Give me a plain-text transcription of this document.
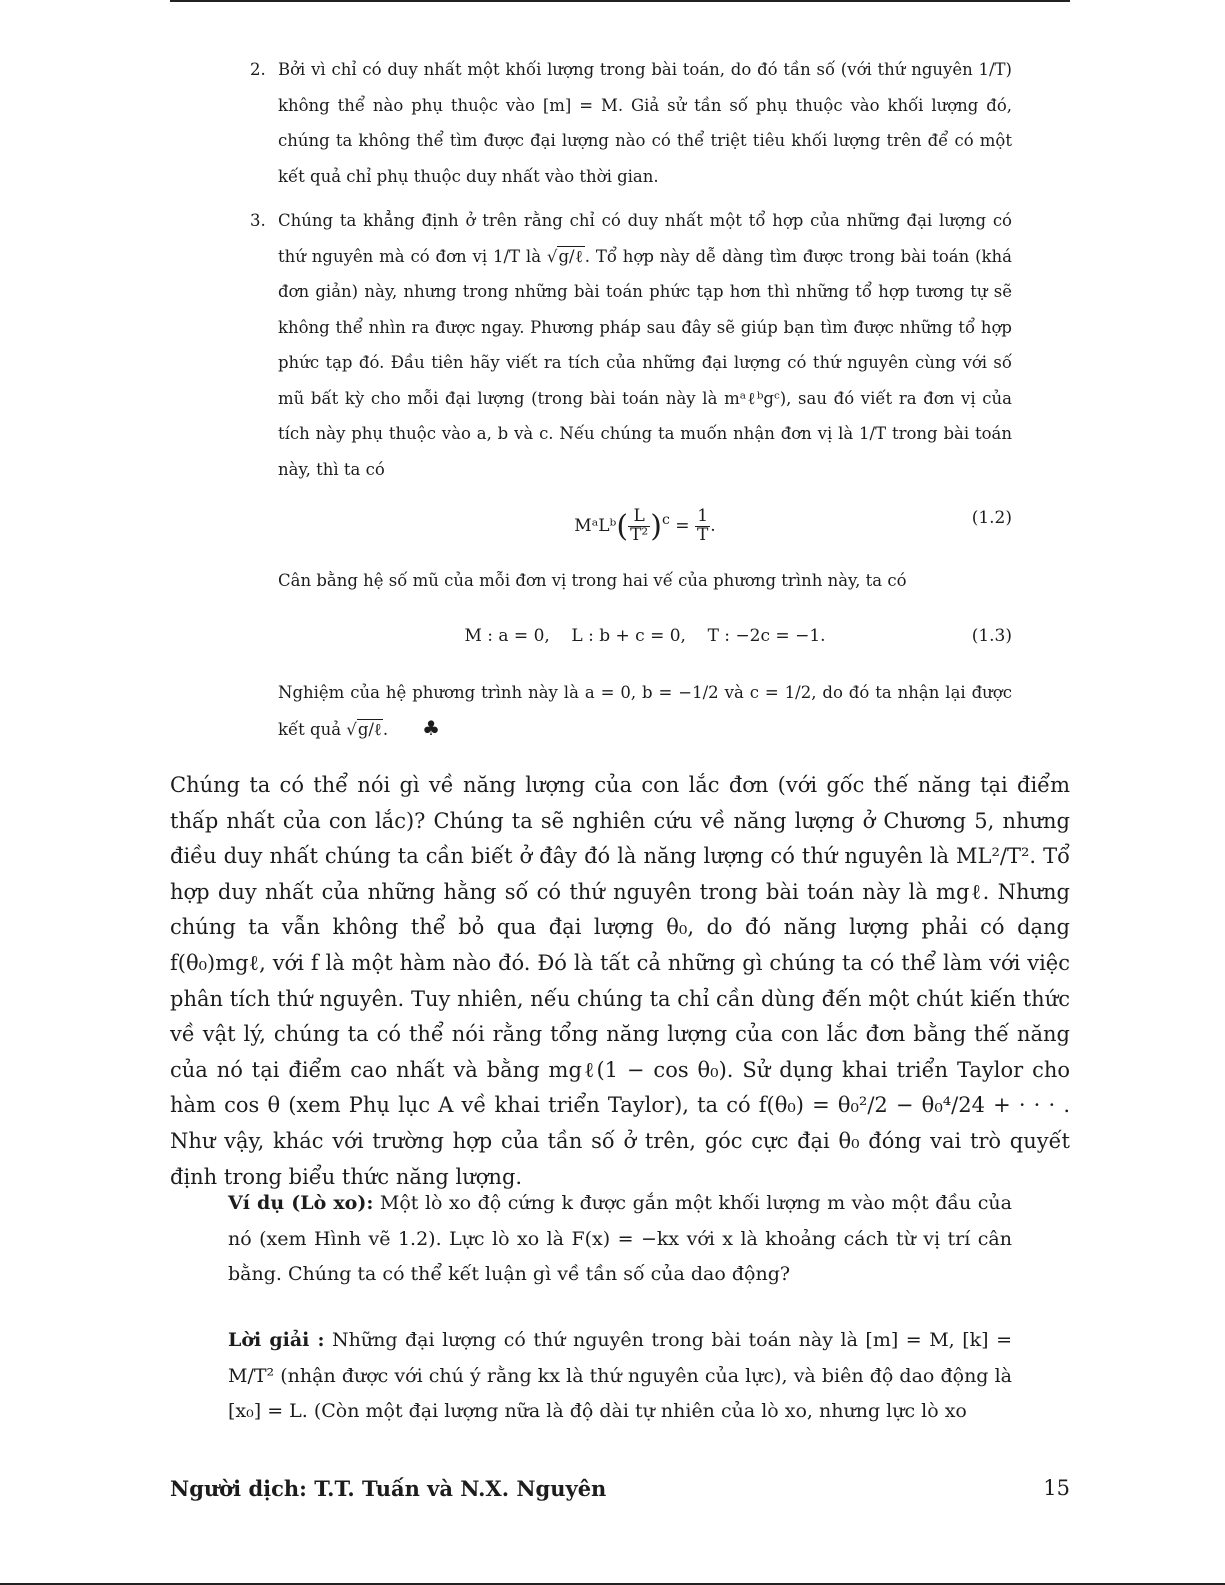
2. Bởi vì chỉ có duy nhất một khối lượng trong bài toán, do đó tần số (với thứ nguyên 1/T) không thể nào phụ thuộc vào [m] = M. Giả sử tần số phụ thuộc vào khối lượng đó, chúng ta không thể tìm được đại lượng nào có thể triệt tiêu khối lượng trên để có một kết quả chỉ phụ thuộc duy nhất vào thời gian.

3. Chúng ta khẳng định ở trên rằng chỉ có duy nhất một tổ hợp của những đại lượng có thứ nguyên mà có đơn vị 1/T là √g/ℓ. Tổ hợp này dễ dàng tìm được trong bài toán (khá đơn giản) này, nhưng trong những bài toán phức tạp hơn thì những tổ hợp tương tự sẽ không thể nhìn ra được ngay. Phương pháp sau đây sẽ giúp bạn tìm được những tổ hợp phức tạp đó. Đầu tiên hãy viết ra tích của những đại lượng có thứ nguyên cùng với số mũ bất kỳ cho mỗi đại lượng (trong bài toán này là mᵃℓᵇgᶜ), sau đó viết ra đơn vị của tích này phụ thuộc vào a, b và c. Nếu chúng ta muốn nhận đơn vị là 1/T trong bài toán này, thì ta có

MᵃLᵇ( $\frac{L}{\text{T²}} )^c = \frac{1}{T}$ .	(1.2)
Cân bằng hệ số mũ của mỗi đơn vị trong hai vế của phương trình này, ta có
M : a = 0,    L : b + c = 0,    T : −2c = −1.	(1.3)
Nghiệm của hệ phương trình này là a = 0, b = −1/2 và c = 1/2, do đó ta nhận lại được kết quả √g/ℓ. ♣
Chúng ta có thể nói gì về năng lượng của con lắc đơn (với gốc thế năng tại điểm thấp nhất của con lắc)? Chúng ta sẽ nghiên cứu về năng lượng ở Chương 5, nhưng điều duy nhất chúng ta cần biết ở đây đó là năng lượng có thứ nguyên là ML²/T². Tổ hợp duy nhất của những hằng số có thứ nguyên trong bài toán này là mgℓ. Nhưng chúng ta vẫn không thể bỏ qua đại lượng θ₀, do đó năng lượng phải có dạng f(θ₀)mgℓ, với f là một hàm nào đó. Đó là tất cả những gì chúng ta có thể làm với việc phân tích thứ nguyên. Tuy nhiên, nếu chúng ta chỉ cần dùng đến một chút kiến thức về vật lý, chúng ta có thể nói rằng tổng năng lượng của con lắc đơn bằng thế năng của nó tại điểm cao nhất và bằng mgℓ(1 − cos θ₀). Sử dụng khai triển Taylor cho hàm cos θ (xem Phụ lục A về khai triển Taylor), ta có f(θ₀) = θ₀²/2 − θ₀⁴/24 + · · · . Như vậy, khác với trường hợp của tần số ở trên, góc cực đại θ₀ đóng vai trò quyết định trong biểu thức năng lượng.
Ví dụ (Lò xo): Một lò xo độ cứng k được gắn một khối lượng m vào một đầu của nó (xem Hình vẽ 1.2). Lực lò xo là F(x) = −kx với x là khoảng cách từ vị trí cân bằng. Chúng ta có thể kết luận gì về tần số của dao động?
Lời giải : Những đại lượng có thứ nguyên trong bài toán này là [m] = M, [k] = M/T² (nhận được với chú ý rằng kx là thứ nguyên của lực), và biên độ dao động là [x₀] = L. (Còn một đại lượng nữa là độ dài tự nhiên của lò xo, nhưng lực lò xo
Người dịch: T.T. Tuấn và N.X. Nguyên	15
